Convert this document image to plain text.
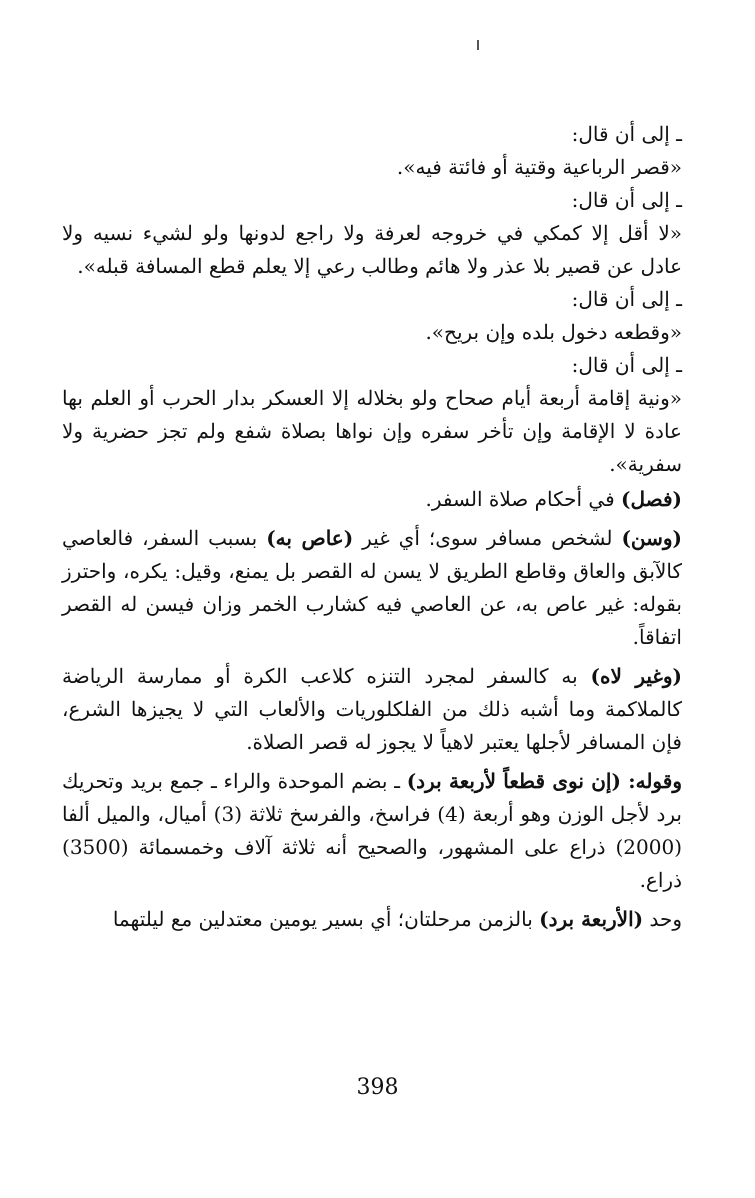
ـ إلى أن قال:
«قصر الرباعية وقتية أو فائتة فيه».
ـ إلى أن قال:
«لا أقل إلا كمكي في خروجه لعرفة ولا راجع لدونها ولو لشيء نسيه ولا عادل عن قصير بلا عذر ولا هائم وطالب رعي إلا يعلم قطع المسافة قبله».
ـ إلى أن قال:
«وقطعه دخول بلده وإن بريح».
ـ إلى أن قال:
«ونية إقامة أربعة أيام صحاح ولو بخلاله إلا العسكر بدار الحرب أو العلم بها عادة لا الإقامة وإن تأخر سفره وإن نواها بصلاة شفع ولم تجز حضرية ولا سفرية».
(فصل) في أحكام صلاة السفر.
(وسن) لشخص مسافر سوى؛ أي غير (عاص به) بسبب السفر، فالعاصي كالآبق والعاق وقاطع الطريق لا يسن له القصر بل يمنع، وقيل: يكره، واحترز بقوله: غير عاص به، عن العاصي فيه كشارب الخمر وزان فيسن له القصر اتفاقاً.
(وغير لاه) به كالسفر لمجرد التنزه كلاعب الكرة أو ممارسة الرياضة كالملاكمة وما أشبه ذلك من الفلكلوريات والألعاب التي لا يجيزها الشرع، فإن المسافر لأجلها يعتبر لاهياً لا يجوز له قصر الصلاة.
وقوله: (إن نوى قطعاً لأربعة برد) ـ بضم الموحدة والراء ـ جمع بريد وتحريك برد لأجل الوزن وهو أربعة (4) فراسخ، والفرسخ ثلاثة (3) أميال، والميل ألفا (2000) ذراع على المشهور، والصحيح أنه ثلاثة آلاف وخمسمائة (3500) ذراع.
وحد (الأربعة برد) بالزمن مرحلتان؛ أي بسير يومين معتدلين مع ليلتهما
398
